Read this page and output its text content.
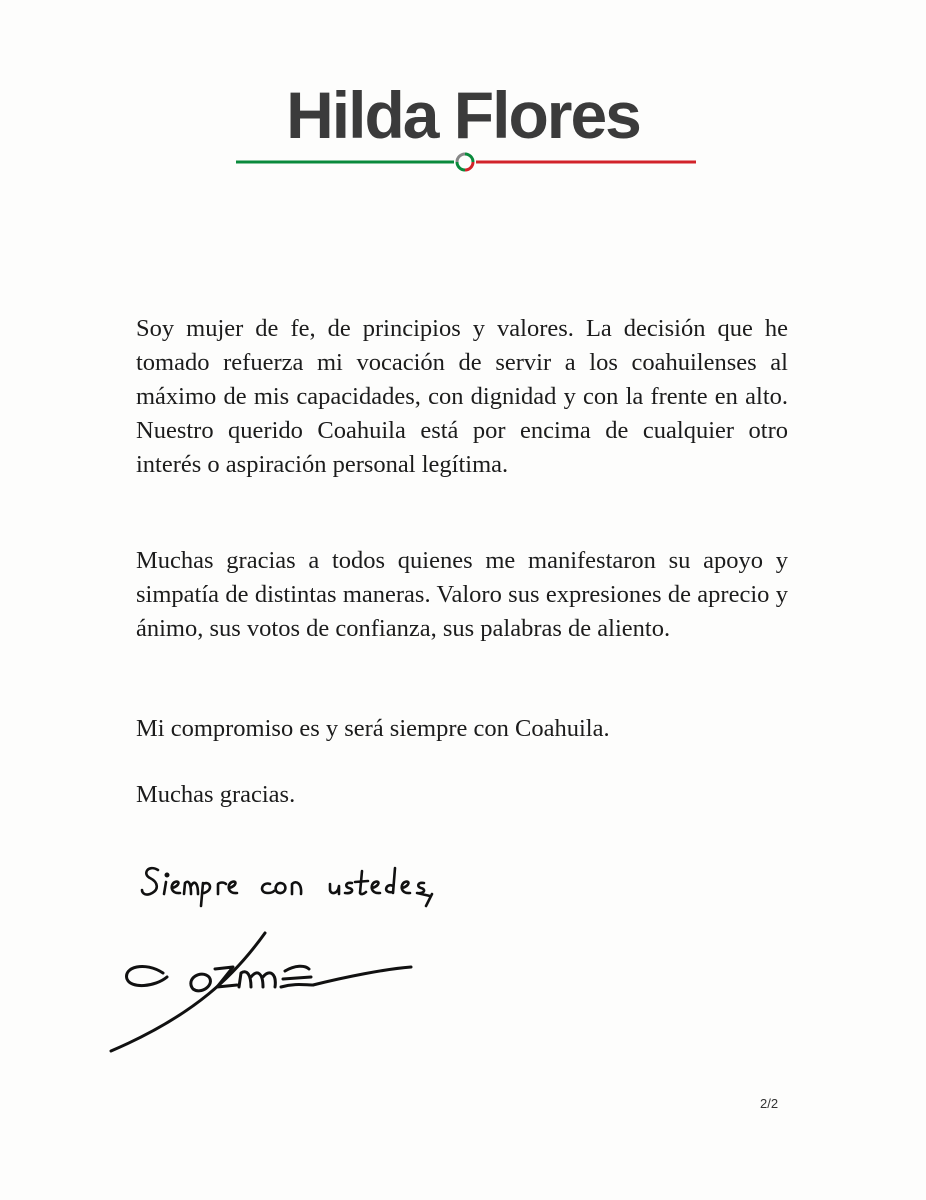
Hilda Flores

Soy mujer de fe, de principios y valores. La decisión que he tomado refuerza mi vocación de servir a los coahuilenses al máximo de mis capacidades, con dignidad y con la frente en alto. Nuestro querido Coahuila está por encima de cualquier otro interés o aspiración personal legítima.

Muchas gracias a todos quienes me manifestaron su apoyo y simpatía de distintas maneras. Valoro sus expresiones de aprecio y ánimo, sus votos de confianza, sus palabras de aliento.

Mi compromiso es y será siempre con Coahuila.

Muchas gracias.

2/2
